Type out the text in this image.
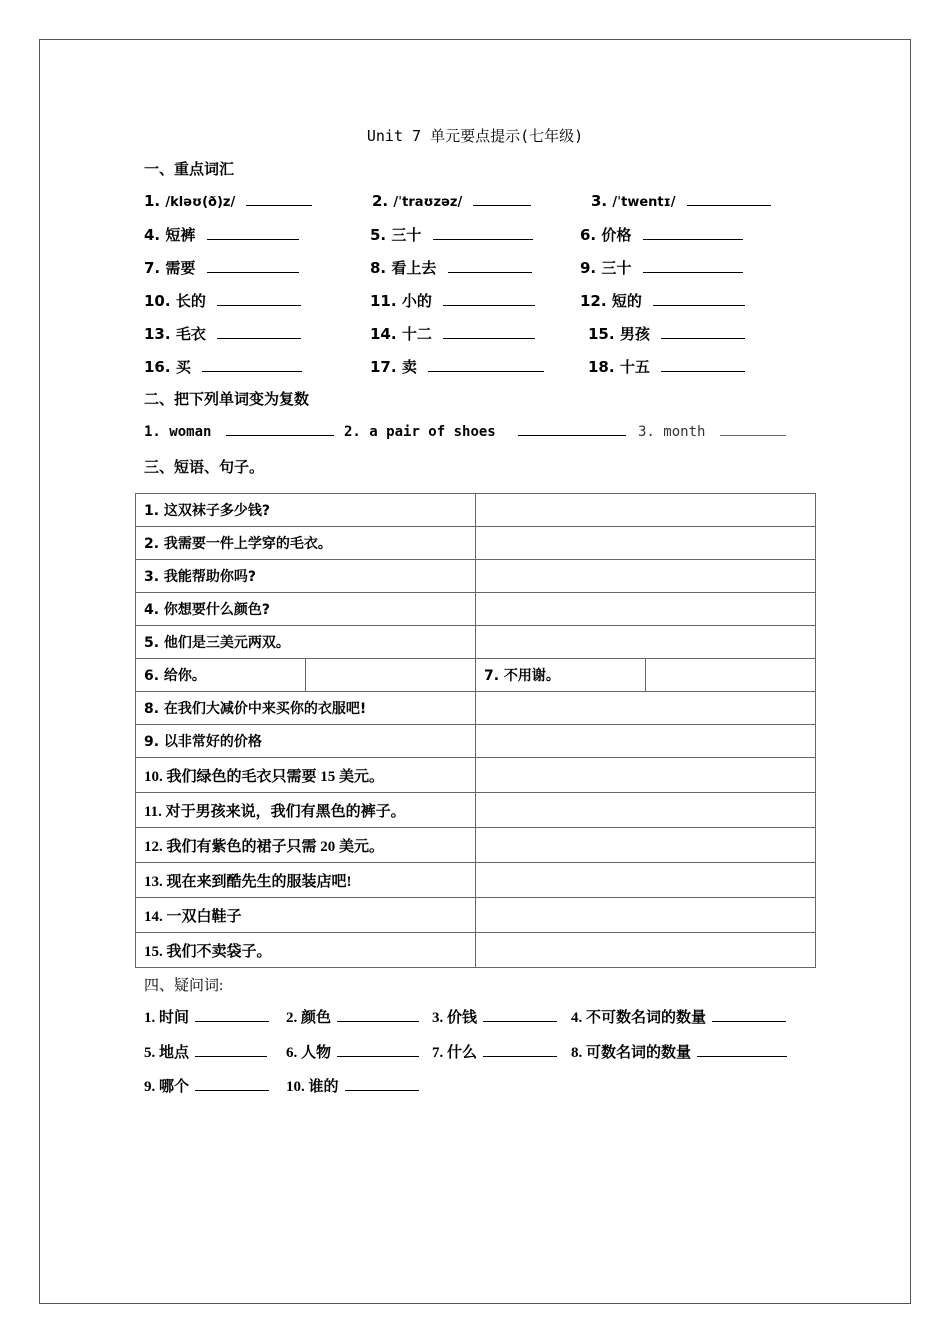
Unit 7 单元要点提示(七年级)
一、重点词汇
1. /kləʊ(ð)z/	2. /ˈtraʊzəz/	3. /ˈtwentɪ/
4. 短裤	5. 三十	6. 价格
7. 需要	8. 看上去	9. 三十
10. 长的	11. 小的	12. 短的
13. 毛衣	14. 十二	15. 男孩
16. 买	17. 卖	18. 十五
二、把下列单词变为复数
1. woman	2. a pair of shoes	3. month
三、短语、句子。
1. 这双袜子多少钱?			
2. 我需要一件上学穿的毛衣。			
3. 我能帮助你吗?			
4. 你想要什么颜色?			
5. 他们是三美元两双。			
6. 给你。		7. 不用谢。	
8. 在我们大减价中来买你的衣服吧!			
9. 以非常好的价格			
10. 我们绿色的毛衣只需要 15 美元。			
11. 对于男孩来说，我们有黑色的裤子。			
12. 我们有紫色的裙子只需 20 美元。			
13. 现在来到酷先生的服装店吧!			
14. 一双白鞋子			
15. 我们不卖袋子。			
四、疑问词:
1. 时间	2. 颜色	3. 价钱	4. 不可数名词的数量
5. 地点	6. 人物	7. 什么	8. 可数名词的数量
9. 哪个	10. 谁的
